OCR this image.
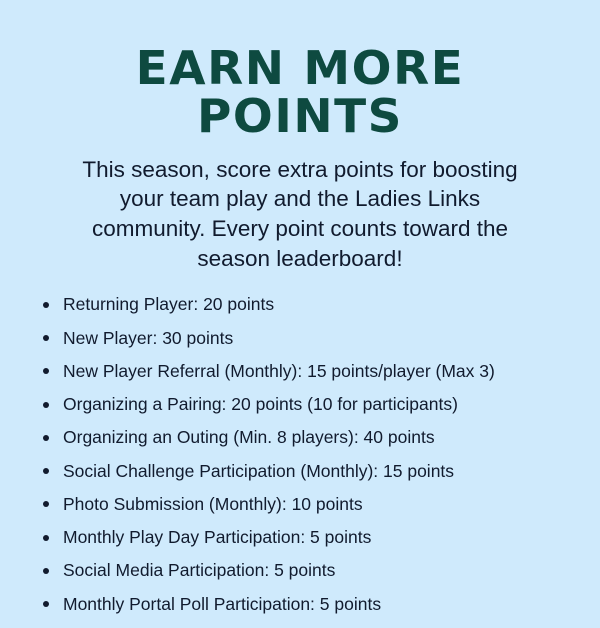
EARN MORE POINTS

This season, score extra points for boosting your team play and the Ladies Links community. Every point counts toward the season leaderboard!

Returning Player: 20 points
New Player: 30 points
New Player Referral (Monthly): 15 points/player (Max 3)
Organizing a Pairing: 20 points (10 for participants)
Organizing an Outing (Min. 8 players): 40 points
Social Challenge Participation (Monthly): 15 points
Photo Submission (Monthly): 10 points
Monthly Play Day Participation: 5 points
Social Media Participation: 5 points
Monthly Portal Poll Participation: 5 points
